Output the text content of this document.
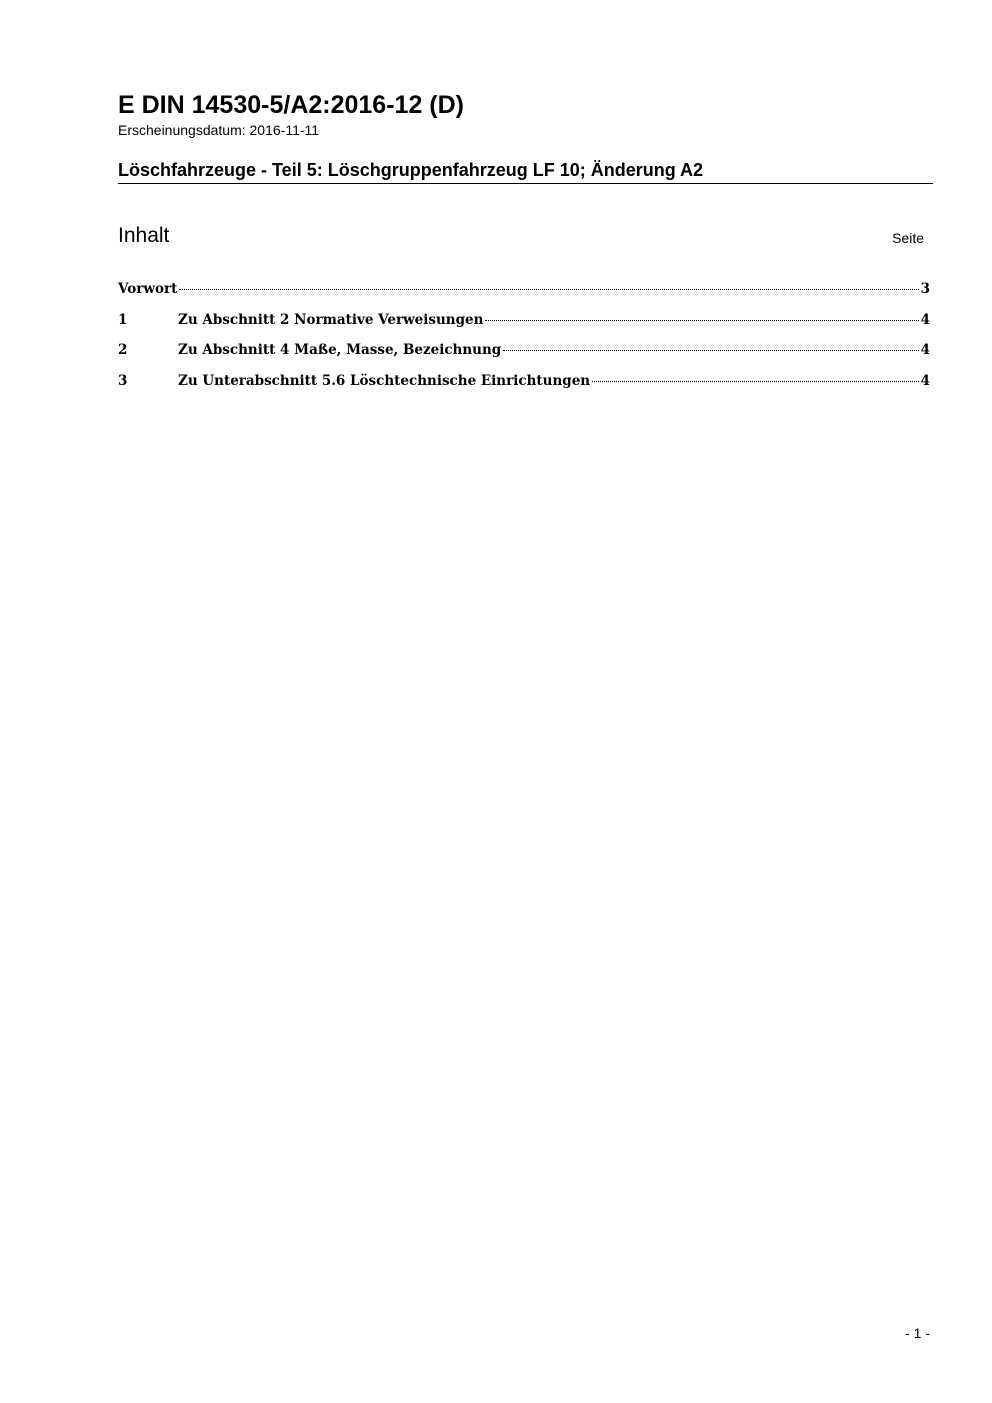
E DIN 14530-5/A2:2016-12 (D)
Erscheinungsdatum: 2016-11-11
Löschfahrzeuge - Teil 5: Löschgruppenfahrzeug LF 10; Änderung A2
Inhalt	Seite
Vorwort	3
1	Zu Abschnitt 2 Normative Verweisungen	4
2	Zu Abschnitt 4 Maße, Masse, Bezeichnung	4
3	Zu Unterabschnitt 5.6 Löschtechnische Einrichtungen	4
- 1 -
